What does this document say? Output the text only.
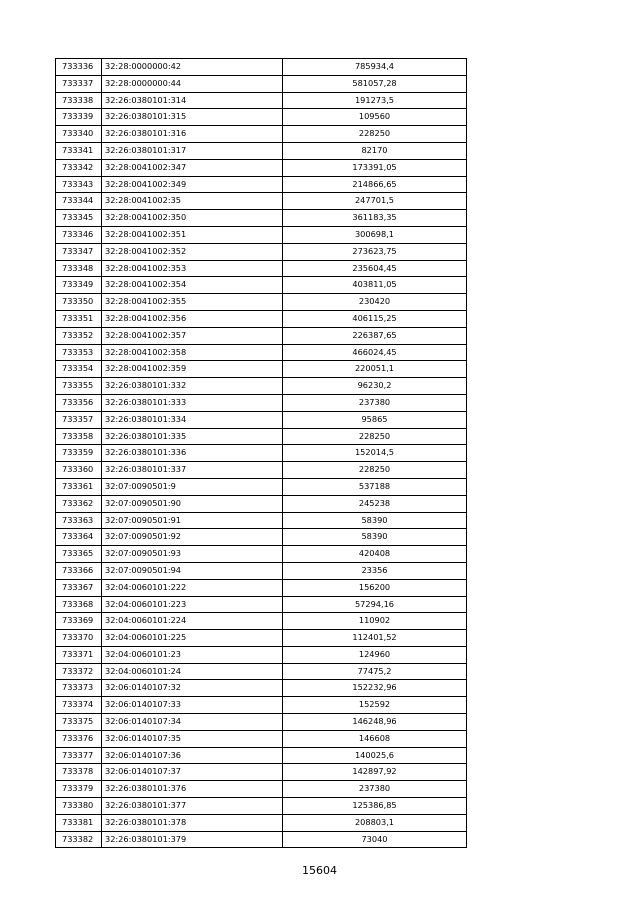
733336	32:28:0000000:42	785934,4
733337	32:28:0000000:44	581057,28
733338	32:26:0380101:314	191273,5
733339	32:26:0380101:315	109560
733340	32:26:0380101:316	228250
733341	32:26:0380101:317	82170
733342	32:28:0041002:347	173391,05
733343	32:28:0041002:349	214866,65
733344	32:28:0041002:35	247701,5
733345	32:28:0041002:350	361183,35
733346	32:28:0041002:351	300698,1
733347	32:28:0041002:352	273623,75
733348	32:28:0041002:353	235604,45
733349	32:28:0041002:354	403811,05
733350	32:28:0041002:355	230420
733351	32:28:0041002:356	406115,25
733352	32:28:0041002:357	226387,65
733353	32:28:0041002:358	466024,45
733354	32:28:0041002:359	220051,1
733355	32:26:0380101:332	96230,2
733356	32:26:0380101:333	237380
733357	32:26:0380101:334	95865
733358	32:26:0380101:335	228250
733359	32:26:0380101:336	152014,5
733360	32:26:0380101:337	228250
733361	32:07:0090501:9	537188
733362	32:07:0090501:90	245238
733363	32:07:0090501:91	58390
733364	32:07:0090501:92	58390
733365	32:07:0090501:93	420408
733366	32:07:0090501:94	23356
733367	32:04:0060101:222	156200
733368	32:04:0060101:223	57294,16
733369	32:04:0060101:224	110902
733370	32:04:0060101:225	112401,52
733371	32:04:0060101:23	124960
733372	32:04:0060101:24	77475,2
733373	32:06:0140107:32	152232,96
733374	32:06:0140107:33	152592
733375	32:06:0140107:34	146248,96
733376	32:06:0140107:35	146608
733377	32:06:0140107:36	140025,6
733378	32:06:0140107:37	142897,92
733379	32:26:0380101:376	237380
733380	32:26:0380101:377	125386,85
733381	32:26:0380101:378	208803,1
733382	32:26:0380101:379	73040
15604
